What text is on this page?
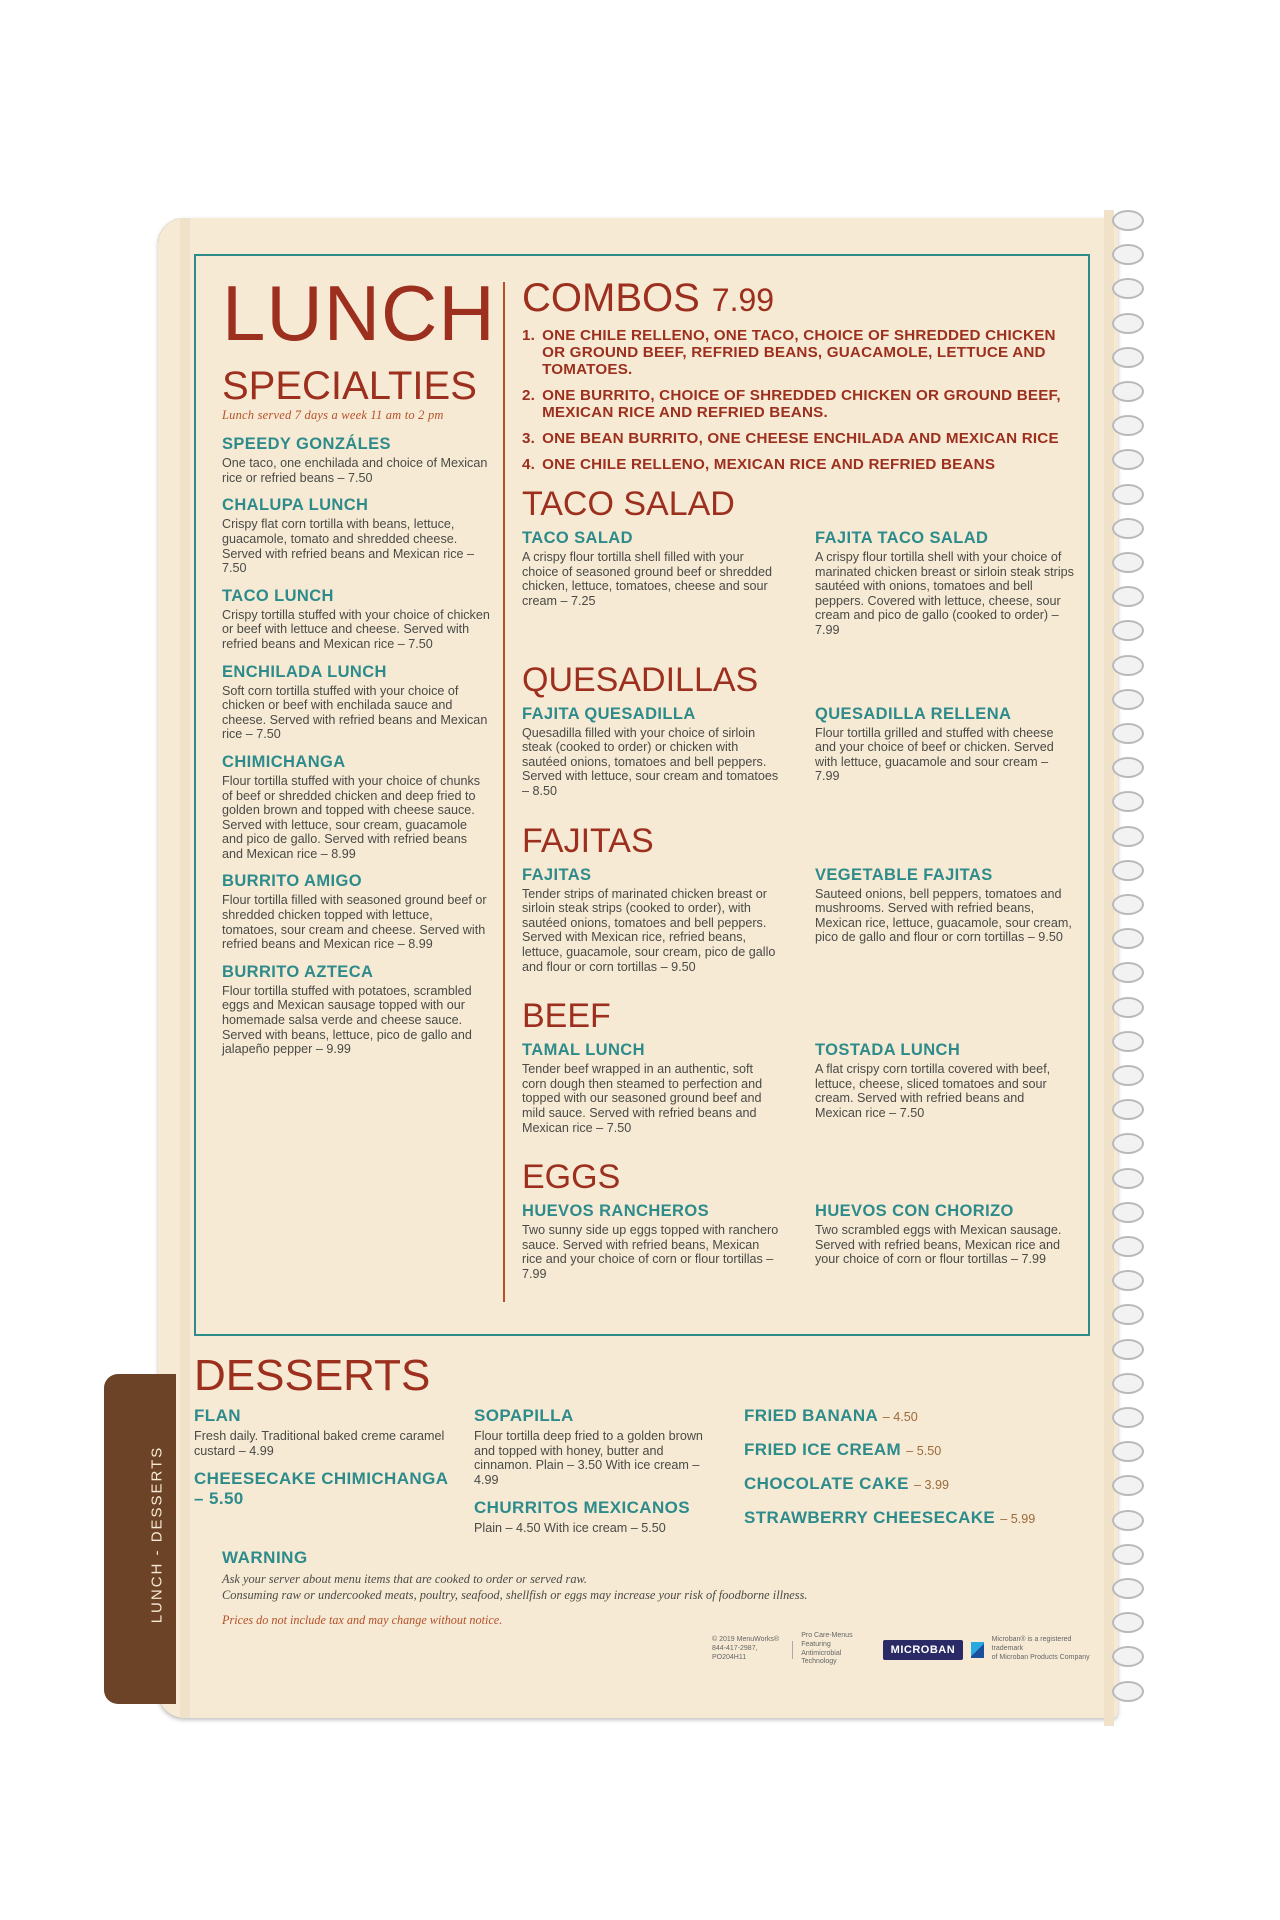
LUNCH - DESSERTS
LUNCH
SPECIALTIES
Lunch served 7 days a week 11 am to 2 pm
SPEEDY GONZÁLES
One taco, one enchilada and choice of Mexican rice or refried beans – 7.50
CHALUPA LUNCH
Crispy flat corn tortilla with beans, lettuce, guacamole, tomato and shredded cheese. Served with refried beans and Mexican rice – 7.50
TACO LUNCH
Crispy tortilla stuffed with your choice of chicken or beef with lettuce and cheese. Served with refried beans and Mexican rice – 7.50
ENCHILADA LUNCH
Soft corn tortilla stuffed with your choice of chicken or beef with enchilada sauce and cheese. Served with refried beans and Mexican rice – 7.50
CHIMICHANGA
Flour tortilla stuffed with your choice of chunks of beef or shredded chicken and deep fried to golden brown and topped with cheese sauce. Served with lettuce, sour cream, guacamole and pico de gallo. Served with refried beans and Mexican rice – 8.99
BURRITO AMIGO
Flour tortilla filled with seasoned ground beef or shredded chicken topped with lettuce, tomatoes, sour cream and cheese. Served with refried beans and Mexican rice – 8.99
BURRITO AZTECA
Flour tortilla stuffed with potatoes, scrambled eggs and Mexican sausage topped with our homemade salsa verde and cheese sauce. Served with beans, lettuce, pico de gallo and jalapeño pepper – 9.99
COMBOS 7.99
1. ONE CHILE RELLENO, ONE TACO, CHOICE OF SHREDDED CHICKEN OR GROUND BEEF, REFRIED BEANS, GUACAMOLE, LETTUCE AND TOMATOES.
2. ONE BURRITO, CHOICE OF SHREDDED CHICKEN OR GROUND BEEF, MEXICAN RICE AND REFRIED BEANS.
3. ONE BEAN BURRITO, ONE CHEESE ENCHILADA AND MEXICAN RICE
4. ONE CHILE RELLENO, MEXICAN RICE AND REFRIED BEANS
TACO SALAD
TACO SALAD
A crispy flour tortilla shell filled with your choice of seasoned ground beef or shredded chicken, lettuce, tomatoes, cheese and sour cream – 7.25
FAJITA TACO SALAD
A crispy flour tortilla shell with your choice of marinated chicken breast or sirloin steak strips sautéed with onions, tomatoes and bell peppers. Covered with lettuce, cheese, sour cream and pico de gallo (cooked to order) – 7.99
QUESADILLAS
FAJITA QUESADILLA
Quesadilla filled with your choice of sirloin steak (cooked to order) or chicken with sautéed onions, tomatoes and bell peppers. Served with lettuce, sour cream and tomatoes – 8.50
QUESADILLA RELLENA
Flour tortilla grilled and stuffed with cheese and your choice of beef or chicken. Served with lettuce, guacamole and sour cream – 7.99
FAJITAS
FAJITAS
Tender strips of marinated chicken breast or sirloin steak strips (cooked to order), with sautéed onions, tomatoes and bell peppers. Served with Mexican rice, refried beans, lettuce, guacamole, sour cream, pico de gallo and flour or corn tortillas – 9.50
VEGETABLE FAJITAS
Sauteed onions, bell peppers, tomatoes and mushrooms. Served with refried beans, Mexican rice, lettuce, guacamole, sour cream, pico de gallo and flour or corn tortillas – 9.50
BEEF
TAMAL LUNCH
Tender beef wrapped in an authentic, soft corn dough then steamed to perfection and topped with our seasoned ground beef and mild sauce. Served with refried beans and Mexican rice – 7.50
TOSTADA LUNCH
A flat crispy corn tortilla covered with beef, lettuce, cheese, sliced tomatoes and sour cream. Served with refried beans and Mexican rice – 7.50
EGGS
HUEVOS RANCHEROS
Two sunny side up eggs topped with ranchero sauce. Served with refried beans, Mexican rice and your choice of corn or flour tortillas – 7.99
HUEVOS CON CHORIZO
Two scrambled eggs with Mexican sausage. Served with refried beans, Mexican rice and your choice of corn or flour tortillas – 7.99
DESSERTS
FLAN
Fresh daily. Traditional baked creme caramel custard – 4.99
CHEESECAKE CHIMICHANGA – 5.50
SOPAPILLA
Flour tortilla deep fried to a golden brown and topped with honey, butter and cinnamon. Plain – 3.50 With ice cream – 4.99
CHURRITOS MEXICANOS
Plain – 4.50 With ice cream – 5.50
FRIED BANANA – 4.50
FRIED ICE CREAM – 5.50
CHOCOLATE CAKE – 3.99
STRAWBERRY CHEESECAKE – 5.99
WARNING

Ask your server about menu items that are cooked to order or served raw.

Consuming raw or undercooked meats, poultry, seafood, shellfish or eggs may increase your risk of foodborne illness.

Prices do not include tax and may change without notice.

© 2019 MenuWorks®
844-417-2987, PO204H11
Pro Care-Menus Featuring
Antimicrobial Technology
MICROBAN
Microban® is a registered trademark
of Microban Products Company
